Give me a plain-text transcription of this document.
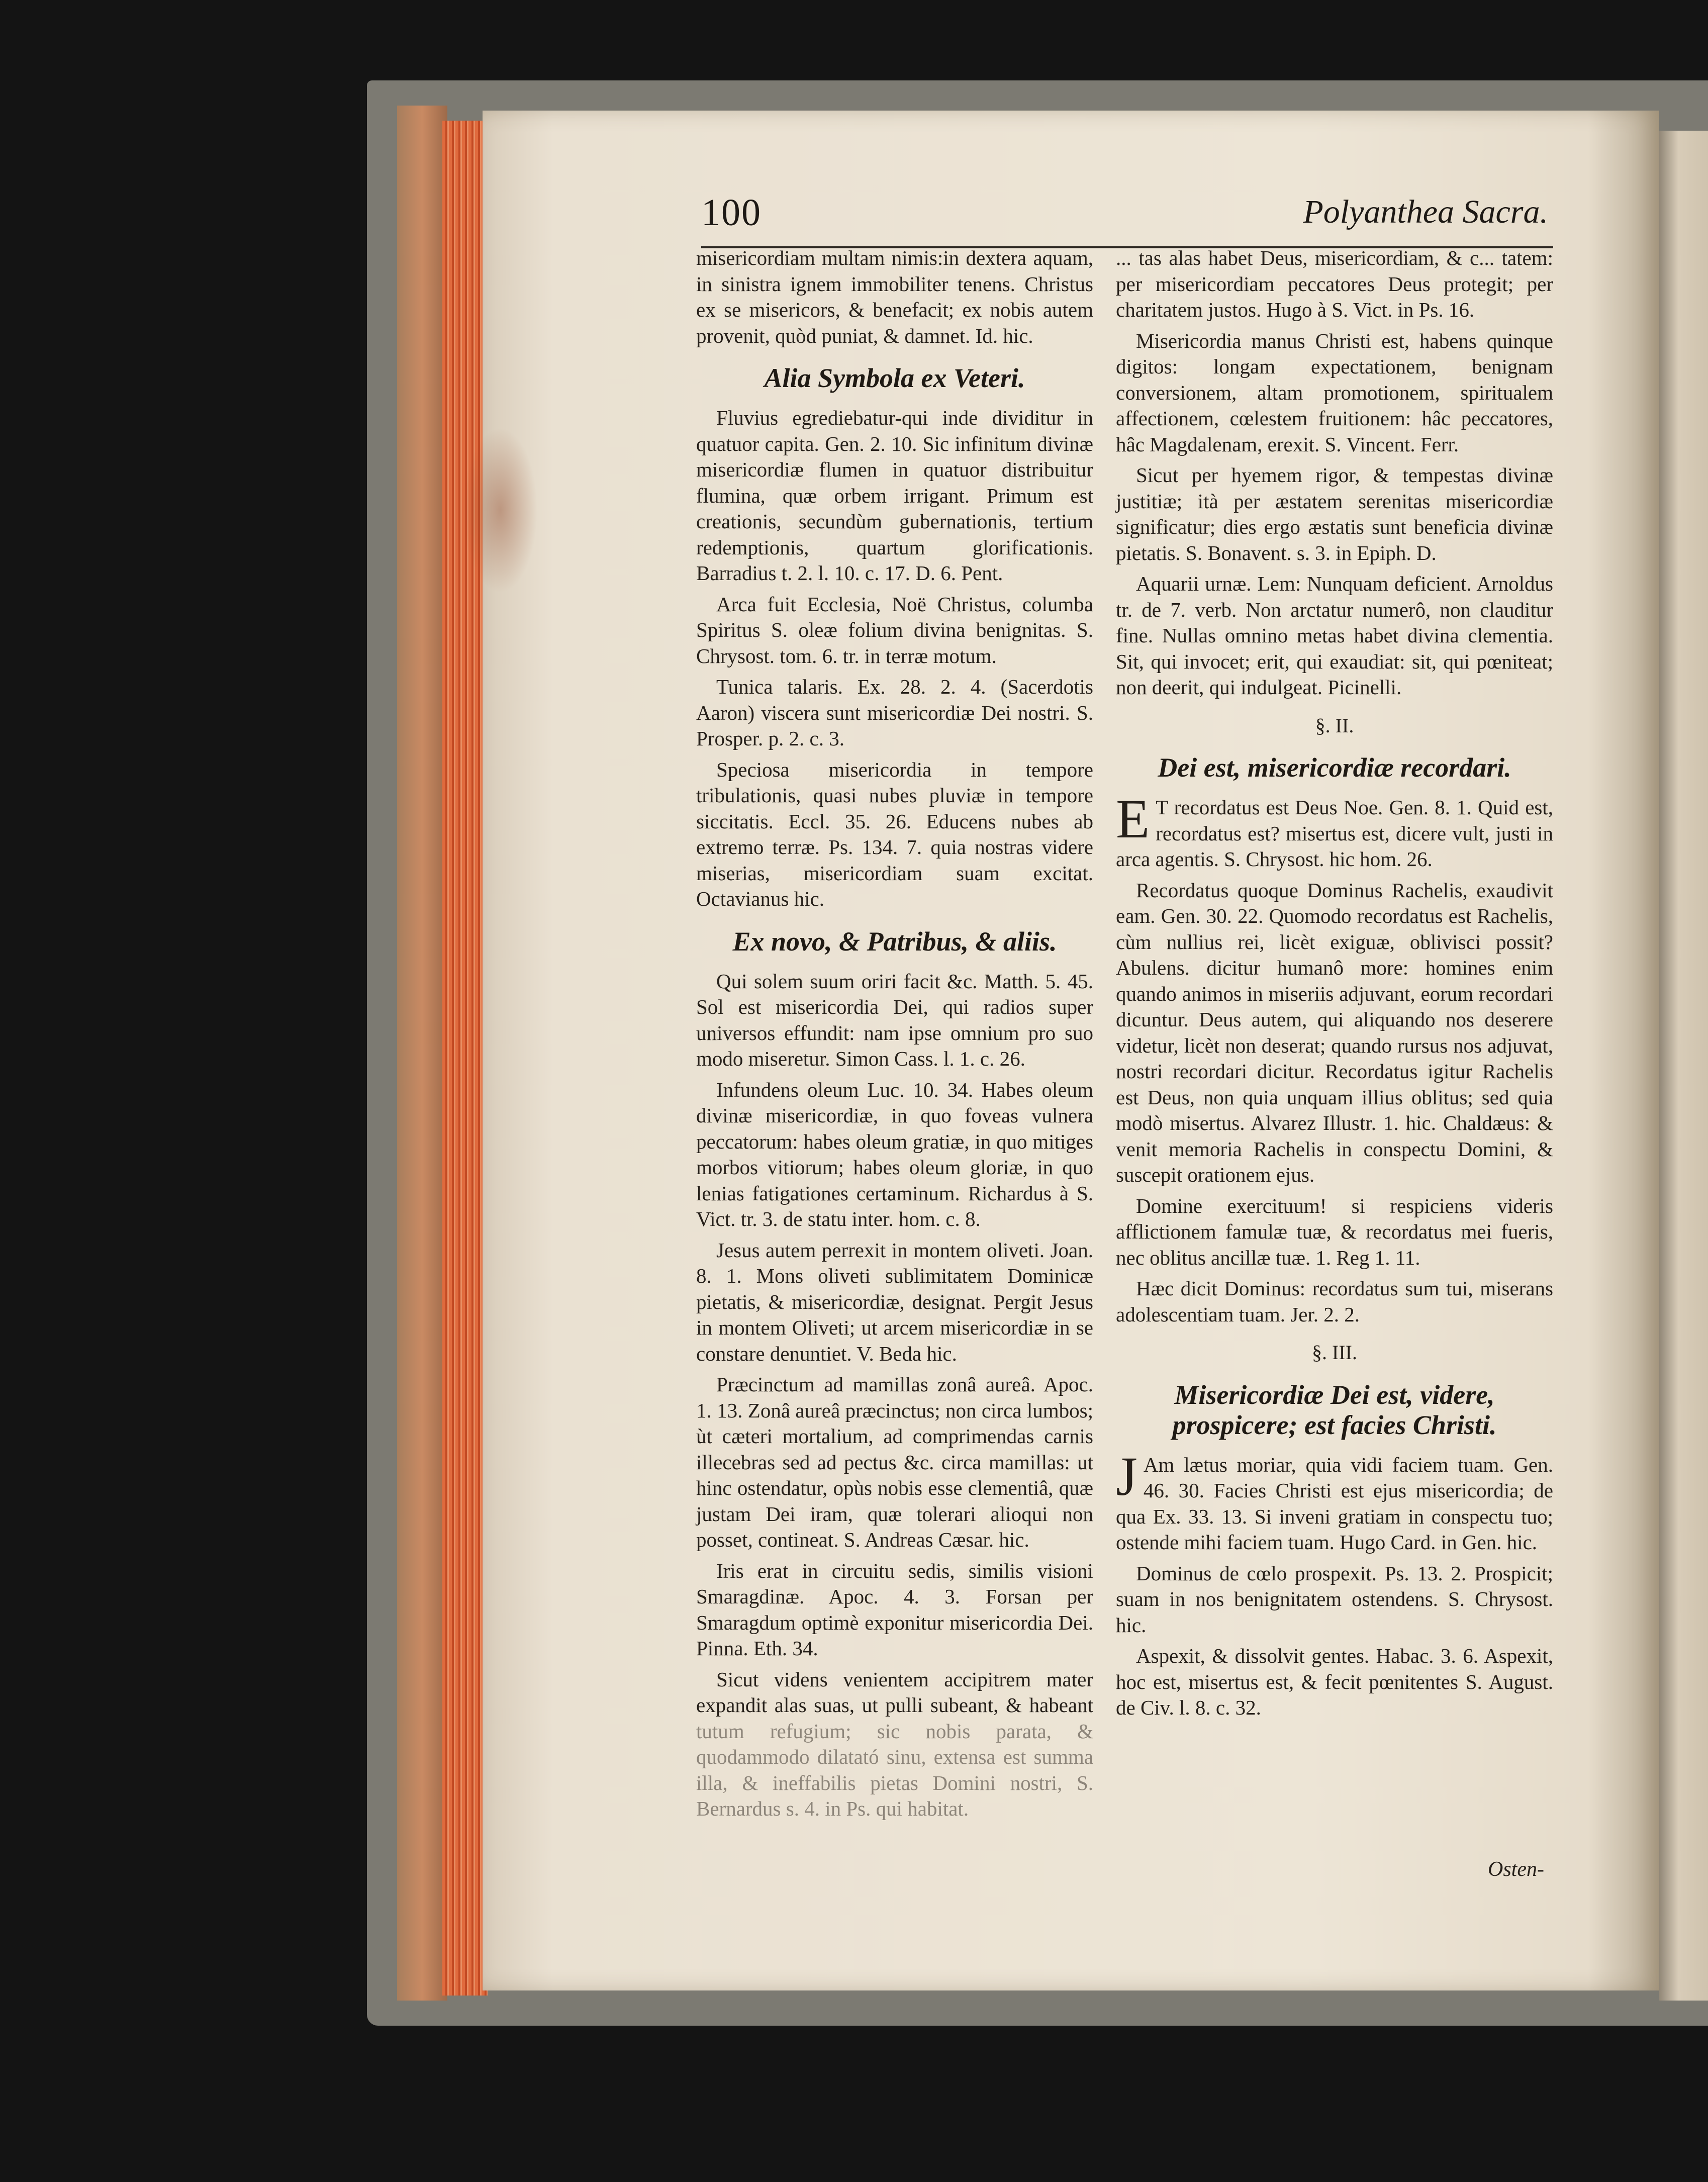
100	Polyanthea Sacra.

misericordiam multam nimis:in dextera aquam, in sinistra ignem immobiliter tenens. Christus ex se misericors, & benefacit; ex nobis autem provenit, quòd puniat, & damnet. Id. hic.

Alia Symbola ex Veteri.

Fluvius egrediebatur-qui inde dividitur in quatuor capita. Gen. 2. 10. Sic infinitum divinæ misericordiæ flumen in quatuor distribuitur flumina, quæ orbem irrigant. Primum est creationis, secundùm gubernationis, tertium redemptionis, quartum glorificationis. Barradius t. 2. l. 10. c. 17. D. 6. Pent.

Arca fuit Ecclesia, Noë Christus, columba Spiritus S. oleæ folium divina benignitas. S. Chrysost. tom. 6. tr. in terræ motum.

Tunica talaris. Ex. 28. 2. 4. (Sacerdotis Aaron) viscera sunt misericordiæ Dei nostri. S. Prosper. p. 2. c. 3.

Speciosa misericordia in tempore tribulationis, quasi nubes pluviæ in tempore siccitatis. Eccl. 35. 26. Educens nubes ab extremo terræ. Ps. 134. 7. quia nostras videre miserias, misericordiam suam excitat. Octavianus hic.

Ex novo, & Patribus, & aliis.

Qui solem suum oriri facit &c. Matth. 5. 45. Sol est misericordia Dei, qui radios super universos effundit: nam ipse omnium pro suo modo miseretur. Simon Cass. l. 1. c. 26.

Infundens oleum Luc. 10. 34. Habes oleum divinæ misericordiæ, in quo foveas vulnera peccatorum: habes oleum gratiæ, in quo mitiges morbos vitiorum; habes oleum gloriæ, in quo lenias fatigationes certaminum. Richardus à S. Vict. tr. 3. de statu inter. hom. c. 8.

Jesus autem perrexit in montem oliveti. Joan. 8. 1. Mons oliveti sublimitatem Dominicæ pietatis, & misericordiæ, designat. Pergit Jesus in montem Oliveti; ut arcem misericordiæ in se constare denuntiet. V. Beda hic.

Præcinctum ad mamillas zonâ aureâ. Apoc. 1. 13. Zonâ aureâ præcinctus; non circa lumbos; ùt cæteri mortalium, ad comprimendas carnis illecebras sed ad pectus &c. circa mamillas: ut hinc ostendatur, opùs nobis esse clementiâ, quæ justam Dei iram, quæ tolerari alioqui non posset, contineat. S. Andreas Cæsar. hic.

Iris erat in circuitu sedis, similis visioni Smaragdinæ. Apoc. 4. 3. Forsan per Smaragdum optimè exponitur misericordia Dei. Pinna. Eth. 34.

Sicut videns venientem accipitrem mater expandit alas suas, ut pulli subeant, & habeant tutum refugium; sic nobis parata, & quodammodo dilatató sinu, extensa est summa illa, & ineffabilis pietas Domini nostri, S. Bernardus s. 4. in Ps. qui habitat.

... tas alas habet Deus, misericordiam, & c... tatem: per misericordiam peccatores Deus protegit; per charitatem justos. Hugo à S. Vict. in Ps. 16.

Misericordia manus Christi est, habens quinque digitos: longam expectationem, benignam conversionem, altam promotionem, spiritualem affectionem, cœlestem fruitionem: hâc peccatores, hâc Magdalenam, erexit. S. Vincent. Ferr.

Sicut per hyemem rigor, & tempestas divinæ justitiæ; ità per æstatem serenitas misericordiæ significatur; dies ergo æstatis sunt beneficia divinæ pietatis. S. Bonavent. s. 3. in Epiph. D.

Aquarii urnæ. Lem: Nunquam deficient. Arnoldus tr. de 7. verb. Non arctatur numerô, non clauditur fine. Nullas omnino metas habet divina clementia. Sit, qui invocet; erit, qui exaudiat: sit, qui pœniteat; non deerit, qui indulgeat. Picinelli.

§. II.
Dei est, misericordiæ recordari.

E T recordatus est Deus Noe. Gen. 8. 1. Quid est, recordatus est? misertus est, dicere vult, justi in arca agentis. S. Chrysost. hic hom. 26.

Recordatus quoque Dominus Rachelis, exaudivit eam. Gen. 30. 22. Quomodo recordatus est Rachelis, cùm nullius rei, licèt exiguæ, oblivisci possit? Abulens. dicitur humanô more: homines enim quando animos in miseriis adjuvant, eorum recordari dicuntur. Deus autem, qui aliquando nos deserere videtur, licèt non deserat; quando rursus nos adjuvat, nostri recordari dicitur. Recordatus igitur Rachelis est Deus, non quia unquam illius oblitus; sed quia modò misertus. Alvarez Illustr. 1. hic. Chaldæus: & venit memoria Rachelis in conspectu Domini, & suscepit orationem ejus.

Domine exercituum! si respiciens videris afflictionem famulæ tuæ, & recordatus mei fueris, nec oblitus ancillæ tuæ. 1. Reg 1. 11.

Hæc dicit Dominus: recordatus sum tui, miserans adolescentiam tuam. Jer. 2. 2.

§. III.
Misericordiæ Dei est, videre, prospicere; est facies Christi.

J Am lætus moriar, quia vidi faciem tuam. Gen. 46. 30. Facies Christi est ejus misericordia; de qua Ex. 33. 13. Si inveni gratiam in conspectu tuo; ostende mihi faciem tuam. Hugo Card. in Gen. hic.

Dominus de cœlo prospexit. Ps. 13. 2. Prospicit; suam in nos benignitatem ostendens. S. Chrysost. hic.

Aspexit, & dissolvit gentes. Habac. 3. 6. Aspexit, hoc est, misertus est, & fecit pœnitentes S. August. de Civ. l. 8. c. 32.

Osten-
